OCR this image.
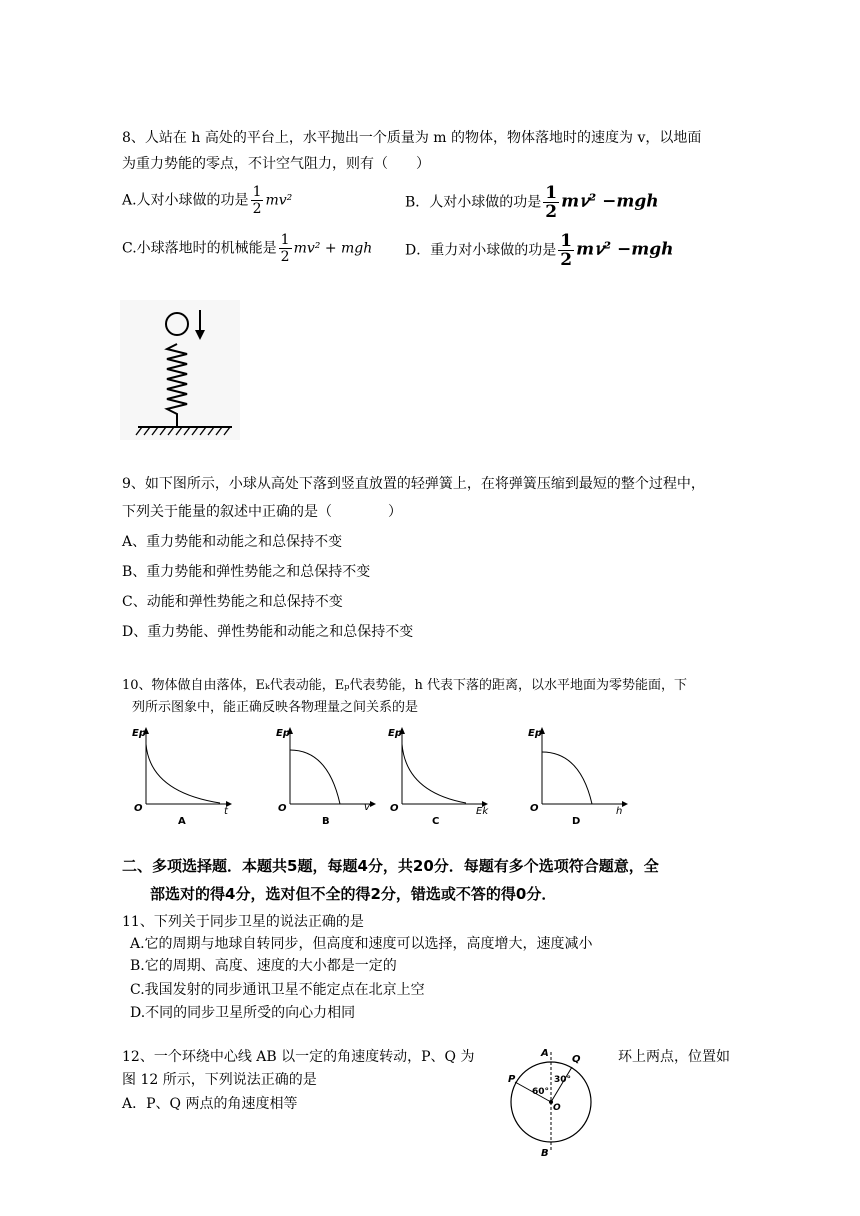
8、人站在 h 高处的平台上，水平抛出一个质量为 m 的物体，物体落地时的速度为 v，以地面
为重力势能的零点，不计空气阻力，则有（　　）
A.人对小球做的功是 $\frac{1}{2} mv^2$	B．人对小球做的功是 $\frac{1}{2}$ m𝑣² −mgh
C.小球落地时的机械能是 $\frac{1}{2} mv^2$ + mgh D．重力对小球做的功是 $\frac{1}{2}$ m𝑣² −mgh
9、如下图所示，小球从高处下落到竖直放置的轻弹簧上，在将弹簧压缩到最短的整个过程中，
下列关于能量的叙述中正确的是（　　　　）
A、重力势能和动能之和总保持不变
B、重力势能和弹性势能之和总保持不变
C、动能和弹性势能之和总保持不变
D、重力势能、弹性势能和动能之和总保持不变
10、物体做自由落体，Eₖ代表动能，Eₚ代表势能，h 代表下落的距离，以水平地面为零势能面，下
列所示图象中，能正确反映各物理量之间关系的是
Ep
O	t
A
Ep
O	v
B
Ep
O	Ek
C
Ep
O	h
D
二、多项选择题．本题共5题，每题4分，共20分．每题有多个选项符合题意，全
部选对的得4分，选对但不全的得2分，错选或不答的得0分．
11、下列关于同步卫星的说法正确的是
A.它的周期与地球自转同步，但高度和速度可以选择，高度增大，速度减小
B.它的周期、高度、速度的大小都是一定的
C.我国发射的同步通讯卫星不能定点在北京上空
D.不同的同步卫星所受的向心力相同
12、一个环绕中心线 AB 以一定的角速度转动，P、Q 为	环上两点，位置如
图 12 所示，下列说法正确的是
A．P、Q 两点的角速度相等
A
B
P
Q
O
60°
30°
